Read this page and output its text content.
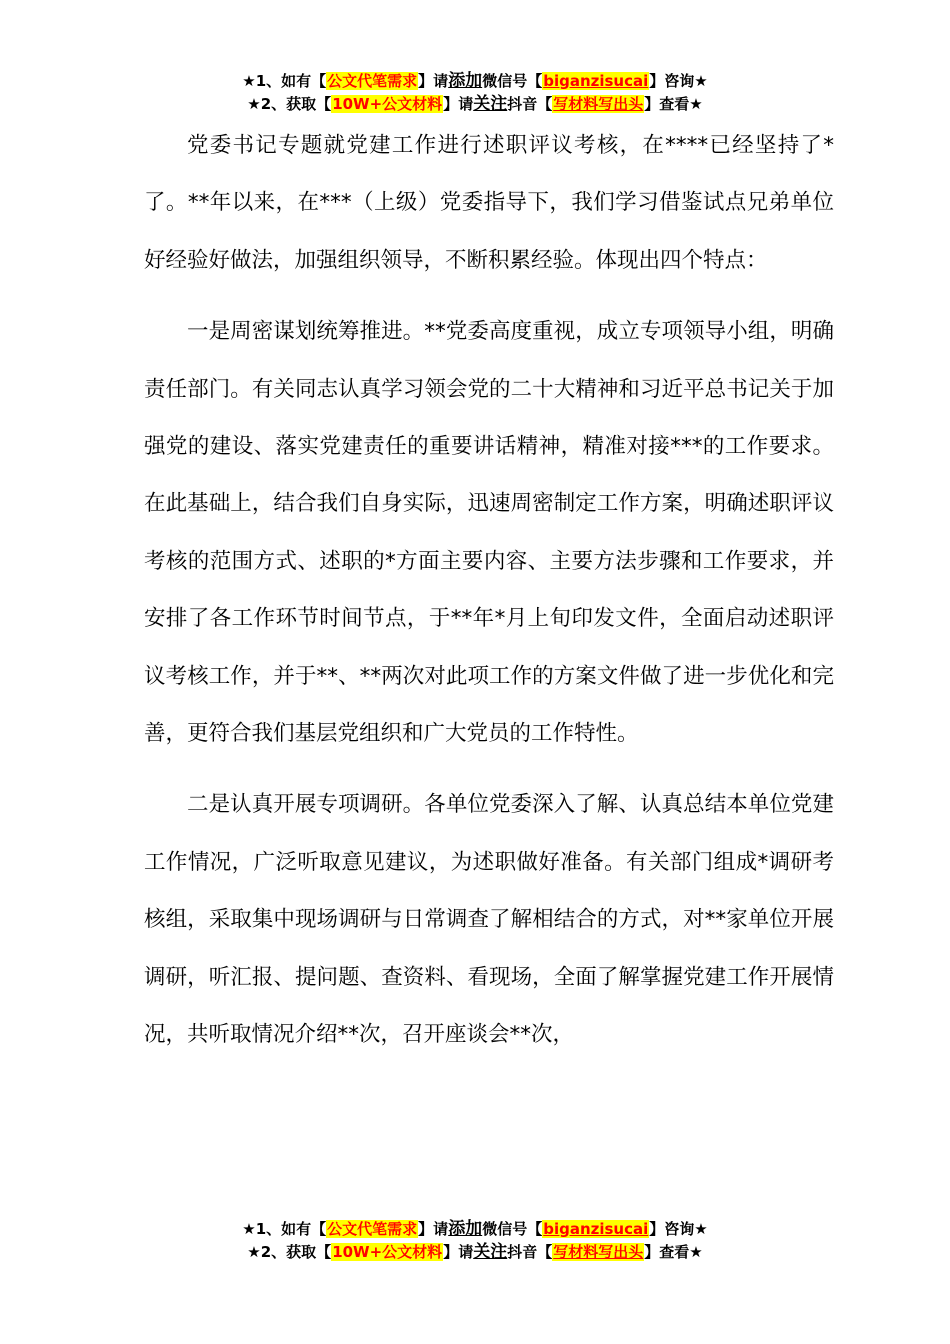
★1、如有【公文代笔需求】请添加微信号【biganzisucai】咨询★
★2、获取【10W+公文材料】请关注抖音【写材料写出头】查看★

党委书记专题就党建工作进行述职评议考核，在****已经坚持了*了。**年以来，在***（上级）党委指导下，我们学习借鉴试点兄弟单位好经验好做法，加强组织领导，不断积累经验。体现出四个特点：

一是周密谋划统筹推进。**党委高度重视，成立专项领导小组，明确责任部门。有关同志认真学习领会党的二十大精神和习近平总书记关于加强党的建设、落实党建责任的重要讲话精神，精准对接***的工作要求。在此基础上，结合我们自身实际，迅速周密制定工作方案，明确述职评议考核的范围方式、述职的*方面主要内容、主要方法步骤和工作要求，并安排了各工作环节时间节点，于**年*月上旬印发文件，全面启动述职评议考核工作，并于**、**两次对此项工作的方案文件做了进一步优化和完善，更符合我们基层党组织和广大党员的工作特性。

二是认真开展专项调研。各单位党委深入了解、认真总结本单位党建工作情况，广泛听取意见建议，为述职做好准备。有关部门组成*调研考核组，采取集中现场调研与日常调查了解相结合的方式，对**家单位开展调研，听汇报、提问题、查资料、看现场，全面了解掌握党建工作开展情况，共听取情况介绍**次，召开座谈会**次，

★1、如有【公文代笔需求】请添加微信号【biganzisucai】咨询★
★2、获取【10W+公文材料】请关注抖音【写材料写出头】查看★
